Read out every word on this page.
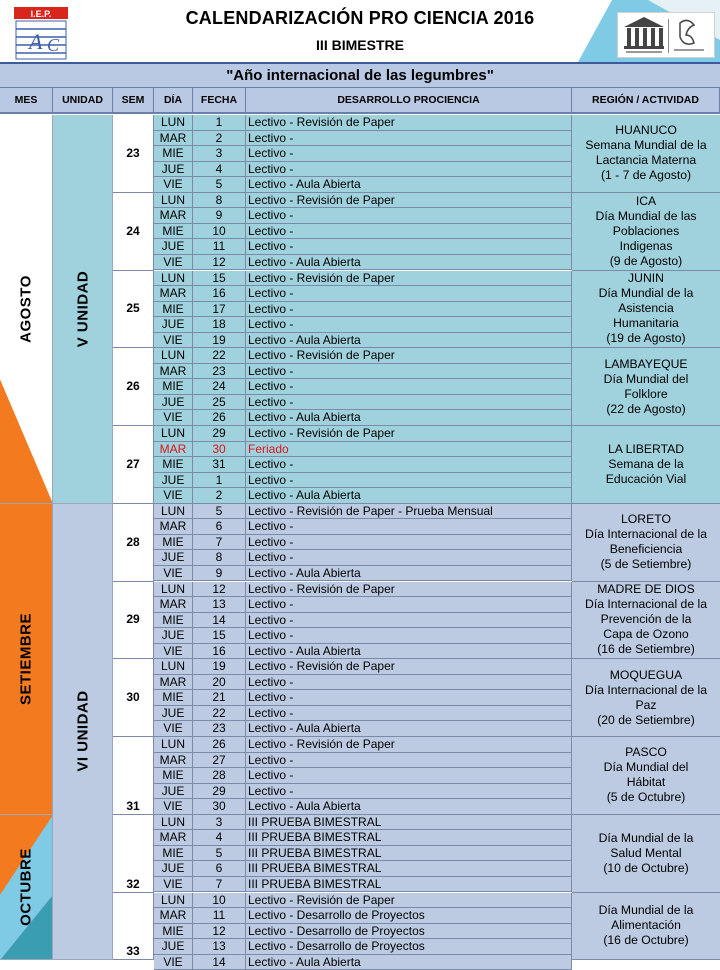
I.E.P.
A C
CALENDARIZACIÓN PRO CIENCIA 2016
III BIMESTRE
"Año internacional de las legumbres"
MES	UNIDAD	SEM	DÍA	FECHA	DESARROLLO PROCIENCIA	REGIÓN / ACTIVIDAD
AGOSTO
SETIEMBRE
OCTUBRE
V UNIDAD
VI UNIDAD
23
LUN	1	Lectivo - Revisión de Paper
MAR	2	Lectivo -
MIE	3	Lectivo -
JUE	4	Lectivo -
VIE	5	Lectivo - Aula Abierta
HUANUCO
Semana Mundial de la
Lactancia Materna
(1 - 7 de Agosto)
24
LUN	8	Lectivo - Revisión de Paper
MAR	9	Lectivo -
MIE	10	Lectivo -
JUE	11	Lectivo -
VIE	12	Lectivo - Aula Abierta
ICA
Día Mundial de las
Poblaciones
Indigenas
(9 de Agosto)
25
LUN	15	Lectivo - Revisión de Paper
MAR	16	Lectivo -
MIE	17	Lectivo -
JUE	18	Lectivo -
VIE	19	Lectivo - Aula Abierta
JUNIN
Día Mundial de la
Asistencia
Humanitaria
(19 de Agosto)
26
LUN	22	Lectivo - Revisión de Paper
MAR	23	Lectivo -
MIE	24	Lectivo -
JUE	25	Lectivo -
VIE	26	Lectivo - Aula Abierta
LAMBAYEQUE
Día Mundial del
Folklore
(22 de Agosto)
27
LUN	29	Lectivo - Revisión de Paper
MAR	30	Feriado
MIE	31	Lectivo -
JUE	1	Lectivo -
VIE	2	Lectivo - Aula Abierta
LA LIBERTAD
Semana de la
Educación Vial
28
LUN	5	Lectivo - Revisión de Paper - Prueba Mensual
MAR	6	Lectivo -
MIE	7	Lectivo -
JUE	8	Lectivo -
VIE	9	Lectivo - Aula Abierta
LORETO
Día Internacional de la
Beneficiencia
(5 de Setiembre)
29
LUN	12	Lectivo - Revisión de Paper
MAR	13	Lectivo -
MIE	14	Lectivo -
JUE	15	Lectivo -
VIE	16	Lectivo - Aula Abierta
MADRE DE DIOS
Día Internacional de la
Prevención de la
Capa de Ozono
(16 de Setiembre)
30
LUN	19	Lectivo - Revisión de Paper
MAR	20	Lectivo -
MIE	21	Lectivo -
JUE	22	Lectivo -
VIE	23	Lectivo - Aula Abierta
MOQUEGUA
Día Internacional de la
Paz
(20 de Setiembre)
31
LUN	26	Lectivo - Revisión de Paper
MAR	27	Lectivo -
MIE	28	Lectivo -
JUE	29	Lectivo -
VIE	30	Lectivo - Aula Abierta
PASCO
Día Mundial del
Hábitat
(5 de Octubre)
32
LUN	3	III PRUEBA BIMESTRAL
MAR	4	III PRUEBA BIMESTRAL
MIE	5	III PRUEBA BIMESTRAL
JUE	6	III PRUEBA BIMESTRAL
VIE	7	III PRUEBA BIMESTRAL
Día Mundial de la
Salud Mental
(10 de Octubre)
33
LUN	10	Lectivo - Revisión de Paper
MAR	11	Lectivo - Desarrollo de Proyectos
MIE	12	Lectivo - Desarrollo de Proyectos
JUE	13	Lectivo - Desarrollo de Proyectos
VIE	14	Lectivo - Aula Abierta
Día Mundial de la
Alimentación
(16 de Octubre)
